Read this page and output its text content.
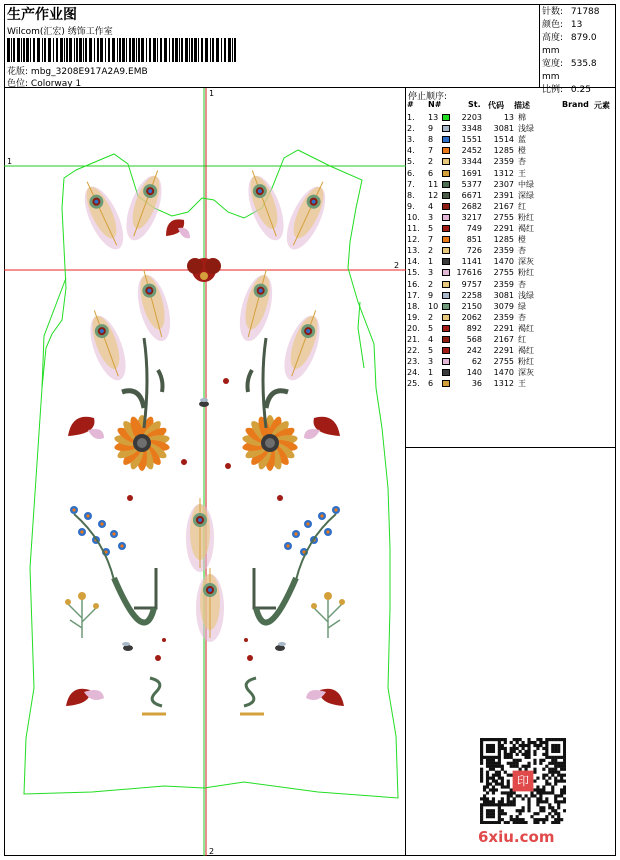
生产作业图
Wilcom(汇宏) 绣饰工作室
花版: mbg_3208E917A2A9.EMB
色位: Colorway 1
针数: 71788
颜色: 13
高度: 879.0 mm
宽度: 535.8 mm
比例: 0.25
1
2
1
2
停止顺序:
# N#	St. 代码 描述	Brand 元素
1. 13	2203	13 棉
2. 9	3348	3081 浅绿
3. 8	1551	1514 蓝
4. 7	2452	1285 橙
5. 2	3344	2359 杏
6. 6	1691	1312 王
7. 11	5377	2307 中绿
8. 12	6671	2391 深绿
9. 4	2682	2167 红
10. 3	3217	2755 粉红
11. 5	749	2291 褐红
12. 7	851	1285 橙
13. 2	726	2359 杏
14. 1	1141	1470 深灰
15. 3	17616	2755 粉红
16. 2	9757	2359 杏
17. 9	2258	3081 浅绿
18. 10	2150	3079 绿
19. 2	2062	2359 杏
20. 5	892	2291 褐红
21. 4	568	2167 红
22. 5	242	2291 褐红
23. 3	62	2755 粉红
24. 1	140	1470 深灰
25. 6	36	1312 王
印
6xiu.com
